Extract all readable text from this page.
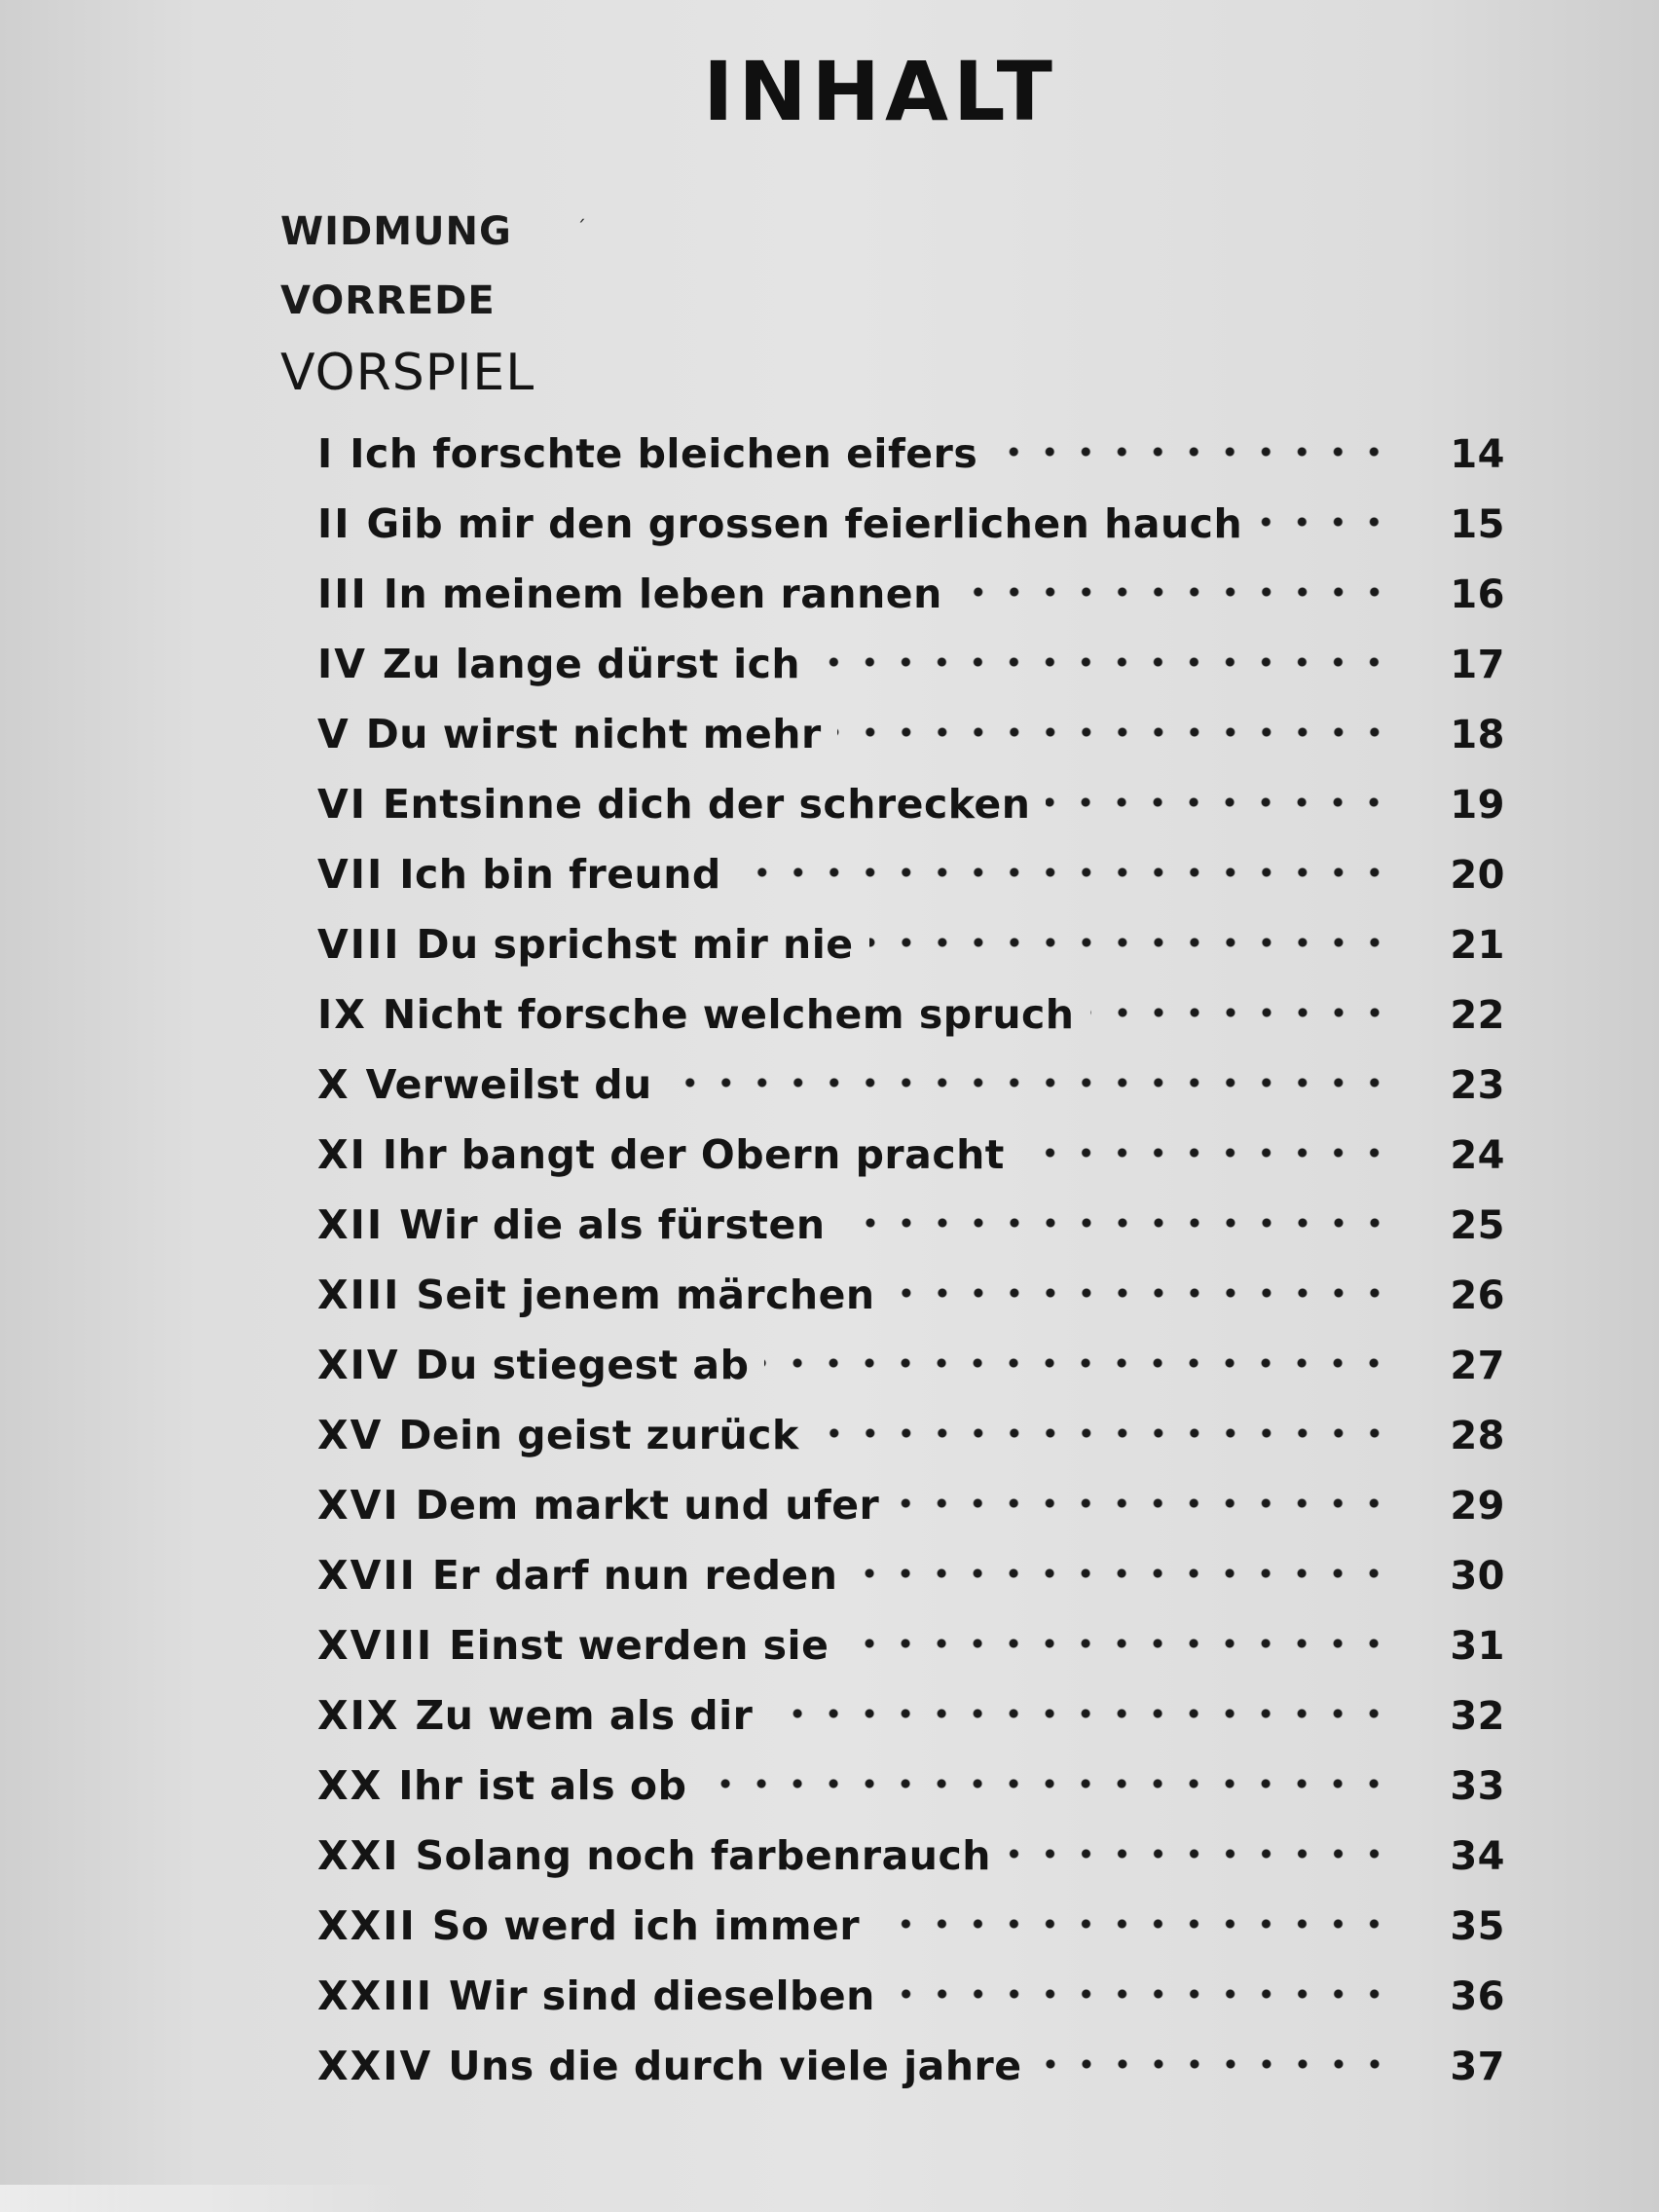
INHALT
´
WIDMUNG
VORREDE
VORSPIEL
I Ich forschte bleichen eifers	14
II Gib mir den grossen feierlichen hauch	15
III In meinem leben rannen	16
IV Zu lange dürst ich	17
V Du wirst nicht mehr	18
VI Entsinne dich der schrecken	19
VII Ich bin freund	20
VIII Du sprichst mir nie	21
IX Nicht forsche welchem spruch	22
X Verweilst du	23
XI Ihr bangt der Obern pracht	24
XII Wir die als fürsten	25
XIII Seit jenem märchen	26
XIV Du stiegest ab	27
XV Dein geist zurück	28
XVI Dem markt und ufer	29
XVII Er darf nun reden	30
XVIII Einst werden sie	31
XIX Zu wem als dir	32
XX Ihr ist als ob	33
XXI Solang noch farbenrauch	34
XXII So werd ich immer	35
XXIII Wir sind dieselben	36
XXIV Uns die durch viele jahre	37
